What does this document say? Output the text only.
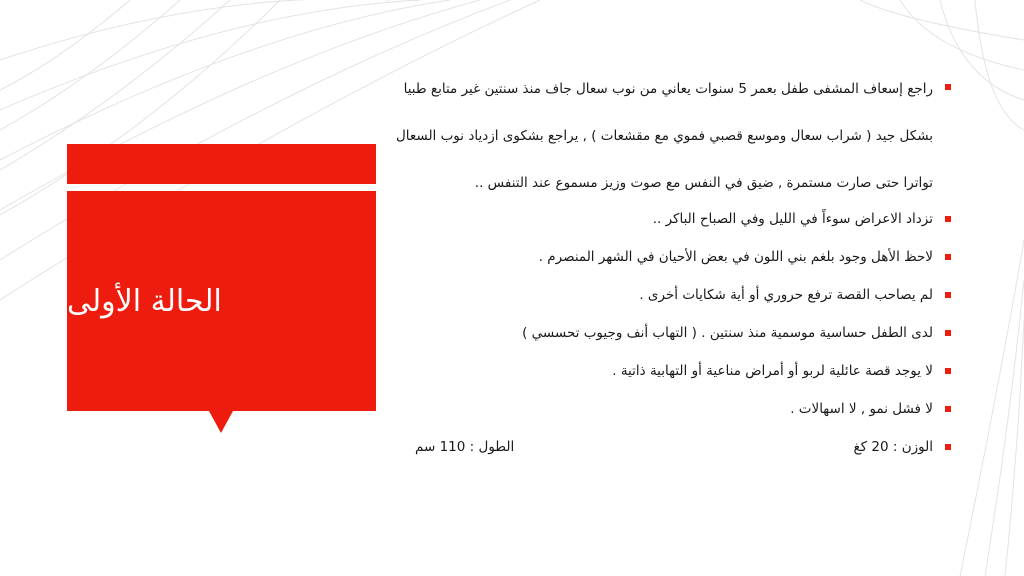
الحالة الأولى
راجع إسعاف المشفى طفل بعمر 5 سنوات يعاني من نوب سعال جاف منذ سنتين غير متابع طبيا بشكل جيد ( شراب سعال وموسع قصبي فموي مع مقشعات ) , يراجع بشكوى ازدياد نوب السعال تواترا حتى صارت مستمرة , ضيق في النفس مع صوت وزيز مسموع عند التنفس ..
تزداد الاعراض سوءاً في الليل وفي الصباح الباكر ..
لاحظ الأهل وجود بلغم بني اللون في بعض الأحيان في الشهر المنصرم .
لم يصاحب القصة ترفع حروري أو أية شكايات أخرى .
لدى الطفل حساسية موسمية منذ سنتين . ( التهاب أنف وجيوب تحسسي )
لا يوجد قصة عائلية لربو أو أمراض مناعية أو التهابية ذاتية .
لا فشل نمو , لا اسهالات .
الوزن : 20 كغ
الطول : 110 سم
